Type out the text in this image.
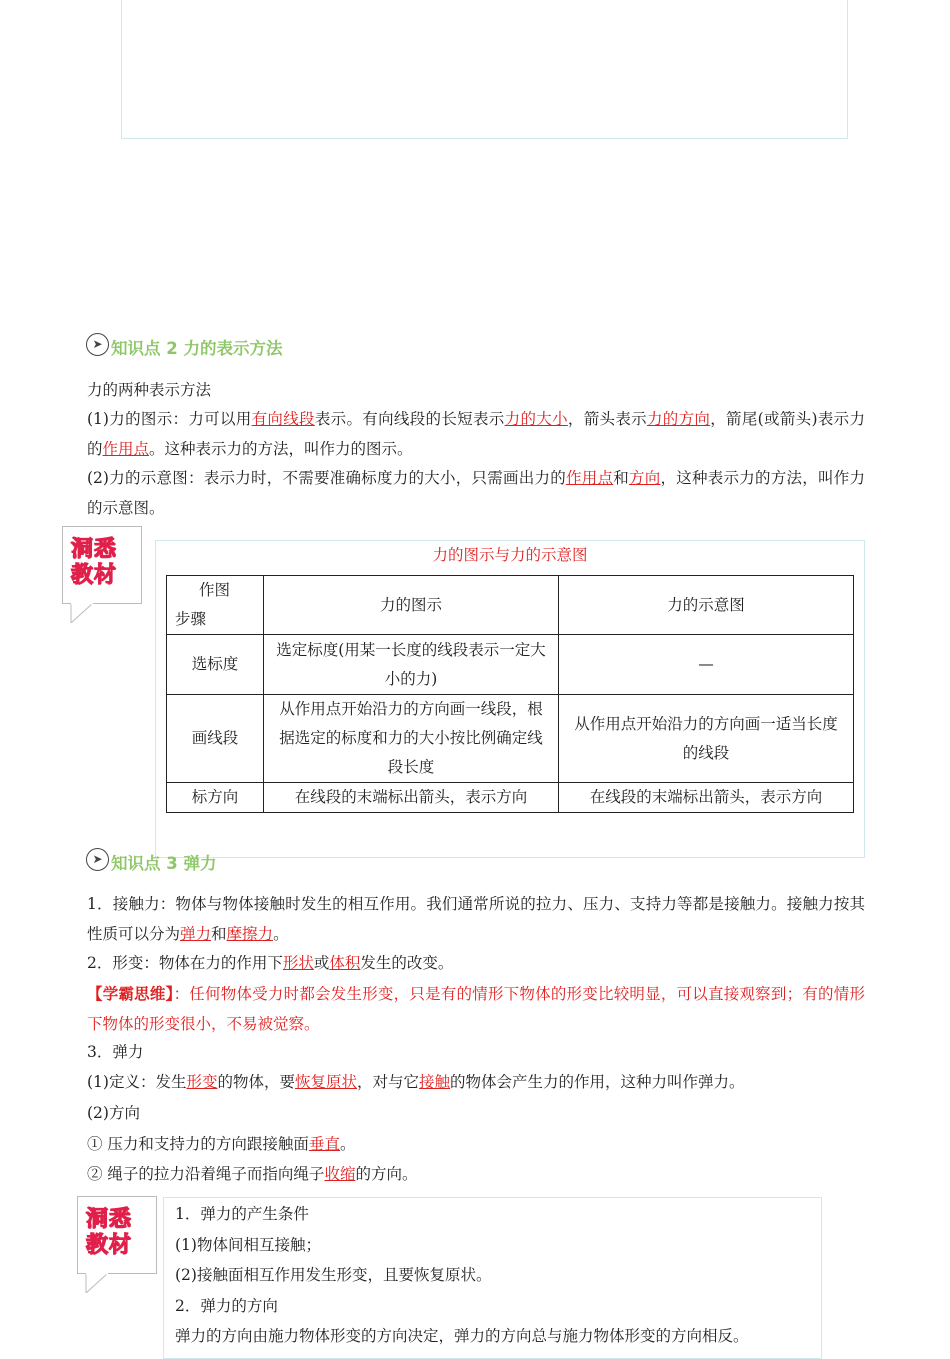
➤ 知识点 2 力的表示方法
力的两种表示方法
(1)力的图示：力可以用有向线段表示。有向线段的长短表示力的大小，箭头表示力的方向，箭尾(或箭头)表示力的作用点。这种表示力的方法，叫作力的图示。
(2)力的示意图：表示力时，不需要准确标度力的大小，只需画出力的作用点和方向，这种表示力的方法，叫作力的示意图。
洞悉
教材
力的图示与力的示意图
作图
步骤	力的图示	力的示意图
选标度	选定标度(用某一长度的线段表示一定大小的力)	—
画线段	从作用点开始沿力的方向画一线段，根据选定的标度和力的大小按比例确定线段长度	从作用点开始沿力的方向画一适当长度的线段
标方向	在线段的末端标出箭头，表示方向	在线段的末端标出箭头，表示方向
➤ 知识点 3 弹力
1．接触力：物体与物体接触时发生的相互作用。我们通常所说的拉力、压力、支持力等都是接触力。接触力按其性质可以分为弹力和摩擦力。
2．形变：物体在力的作用下形状或体积发生的改变。
【学霸思维】：任何物体受力时都会发生形变，只是有的情形下物体的形变比较明显，可以直接观察到；有的情形下物体的形变很小，不易被觉察。
3．弹力
(1)定义：发生形变的物体，要恢复原状，对与它接触的物体会产生力的作用，这种力叫作弹力。
(2)方向
① 压力和支持力的方向跟接触面垂直。
② 绳子的拉力沿着绳子而指向绳子收缩的方向。
洞悉
教材
1．弹力的产生条件
(1)物体间相互接触；
(2)接触面相互作用发生形变，且要恢复原状。
2．弹力的方向
弹力的方向由施力物体形变的方向决定，弹力的方向总与施力物体形变的方向相反。
